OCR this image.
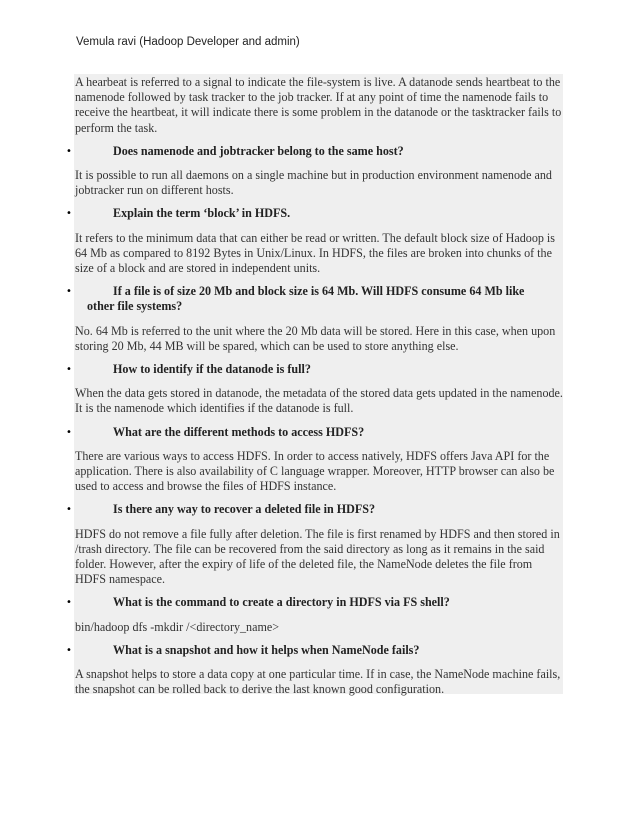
Vemula ravi (Hadoop Developer and admin)

A hearbeat is referred to a signal to indicate the file-system is live. A datanode sends heartbeat to the namenode followed by task tracker to the job tracker. If at any point of time the namenode fails to receive the heartbeat, it will indicate there is some problem in the datanode or the tasktracker fails to perform the task.

•	Does namenode and jobtracker belong to the same host?

It is possible to run all daemons on a single machine but in production environment namenode and jobtracker run on different hosts.

•	Explain the term ‘block’ in HDFS.

It refers to the minimum data that can either be read or written. The default block size of Hadoop is 64 Mb as compared to 8192 Bytes in Unix/Linux. In HDFS, the files are broken into chunks of the size of a block and are stored in independent units.

•	If a file is of size 20 Mb and block size is 64 Mb. Will HDFS consume 64 Mb like
other file systems?

No. 64 Mb is referred to the unit where the 20 Mb data will be stored. Here in this case, when upon storing 20 Mb, 44 MB will be spared, which can be used to store anything else.

•	How to identify if the datanode is full?

When the data gets stored in datanode, the metadata of the stored data gets updated in the namenode. It is the namenode which identifies if the datanode is full.

•	What are the different methods to access HDFS?

There are various ways to access HDFS. In order to access natively, HDFS offers Java API for the application. There is also availability of C language wrapper. Moreover, HTTP browser can also be used to access and browse the files of HDFS instance.

•	Is there any way to recover a deleted file in HDFS?

HDFS do not remove a file fully after deletion. The file is first renamed by HDFS and then stored in /trash directory. The file can be recovered from the said directory as long as it remains in the said folder. However, after the expiry of life of the deleted file, the NameNode deletes the file from HDFS namespace.

•	What is the command to create a directory in HDFS via FS shell?

bin/hadoop dfs -mkdir /<directory_name>

•	What is a snapshot and how it helps when NameNode fails?

A snapshot helps to store a data copy at one particular time. If in case, the NameNode machine fails, the snapshot can be rolled back to derive the last known good configuration.
